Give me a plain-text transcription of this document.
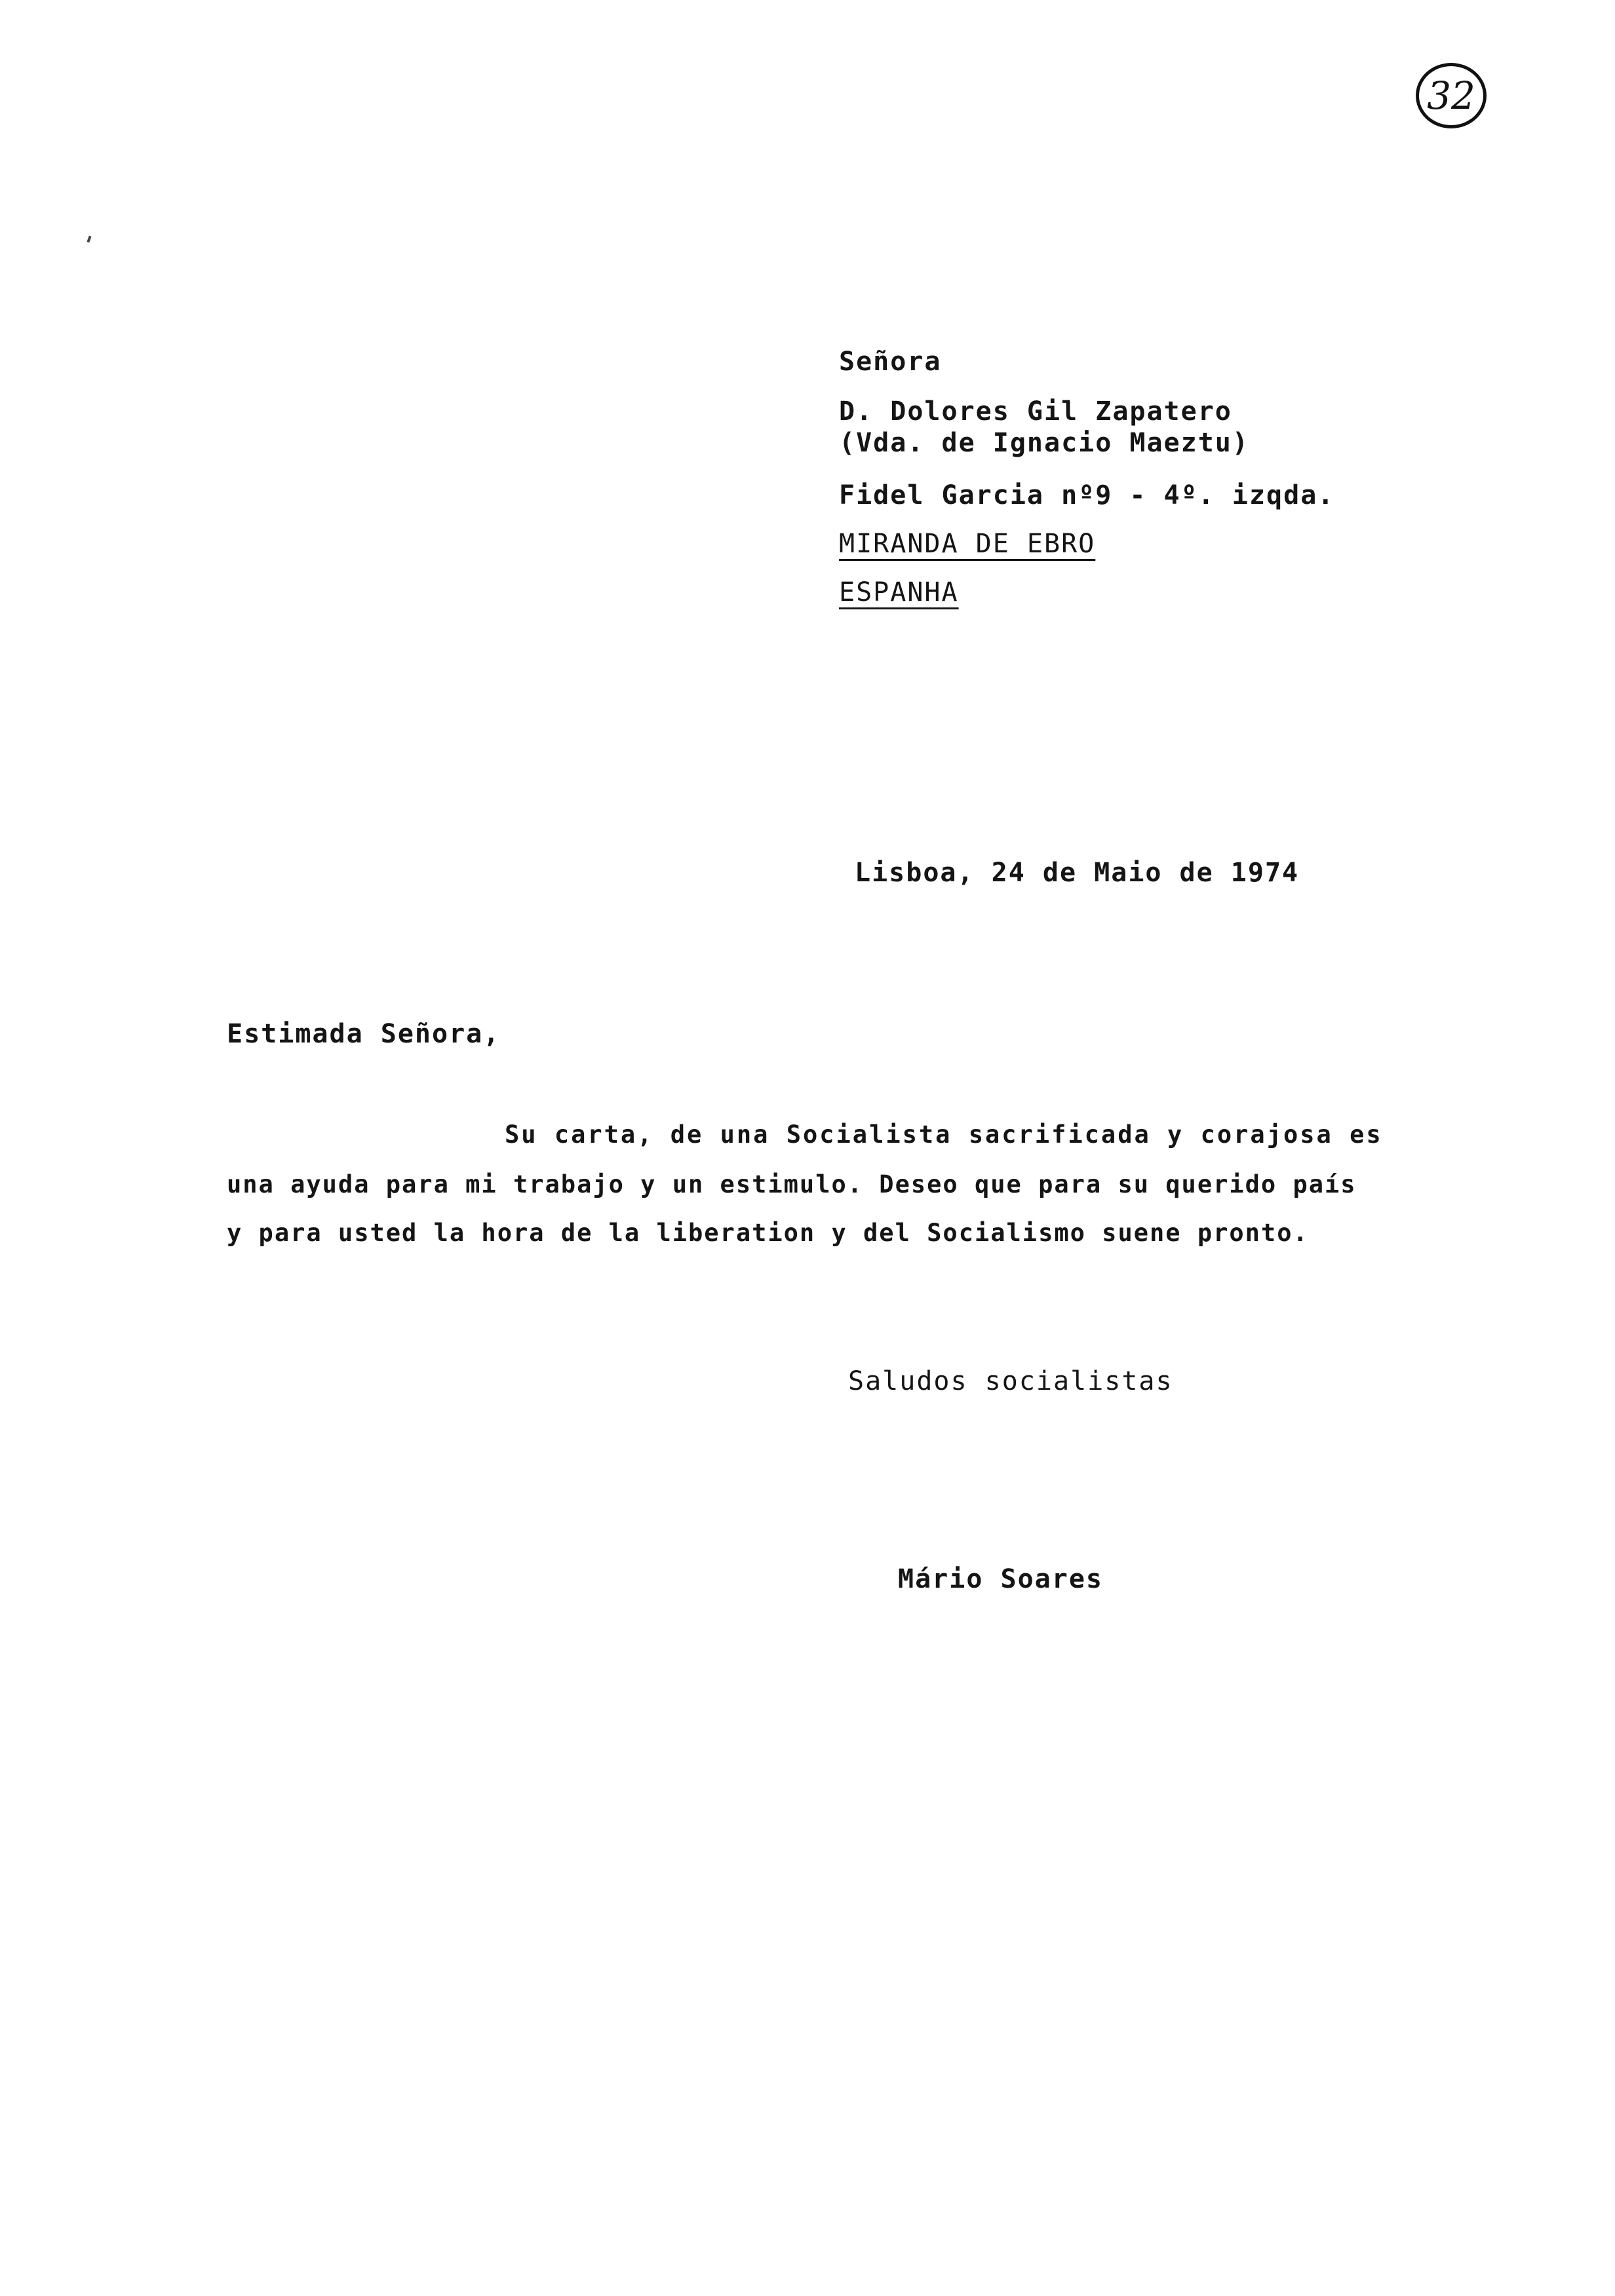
32
Señora
D. Dolores Gil Zapatero
(Vda. de Ignacio Maeztu)
Fidel Garcia nº9 - 4º. izqda.
MIRANDA DE EBRO
ESPANHA
Lisboa, 24 de Maio de 1974
Estimada Señora,
Su carta, de una Socialista sacrificada y corajosa es
una ayuda para mi trabajo y un estimulo. Deseo que para su querido país
y para usted la hora de la liberation y del Socialismo suene pronto.
Saludos socialistas
Mário Soares
